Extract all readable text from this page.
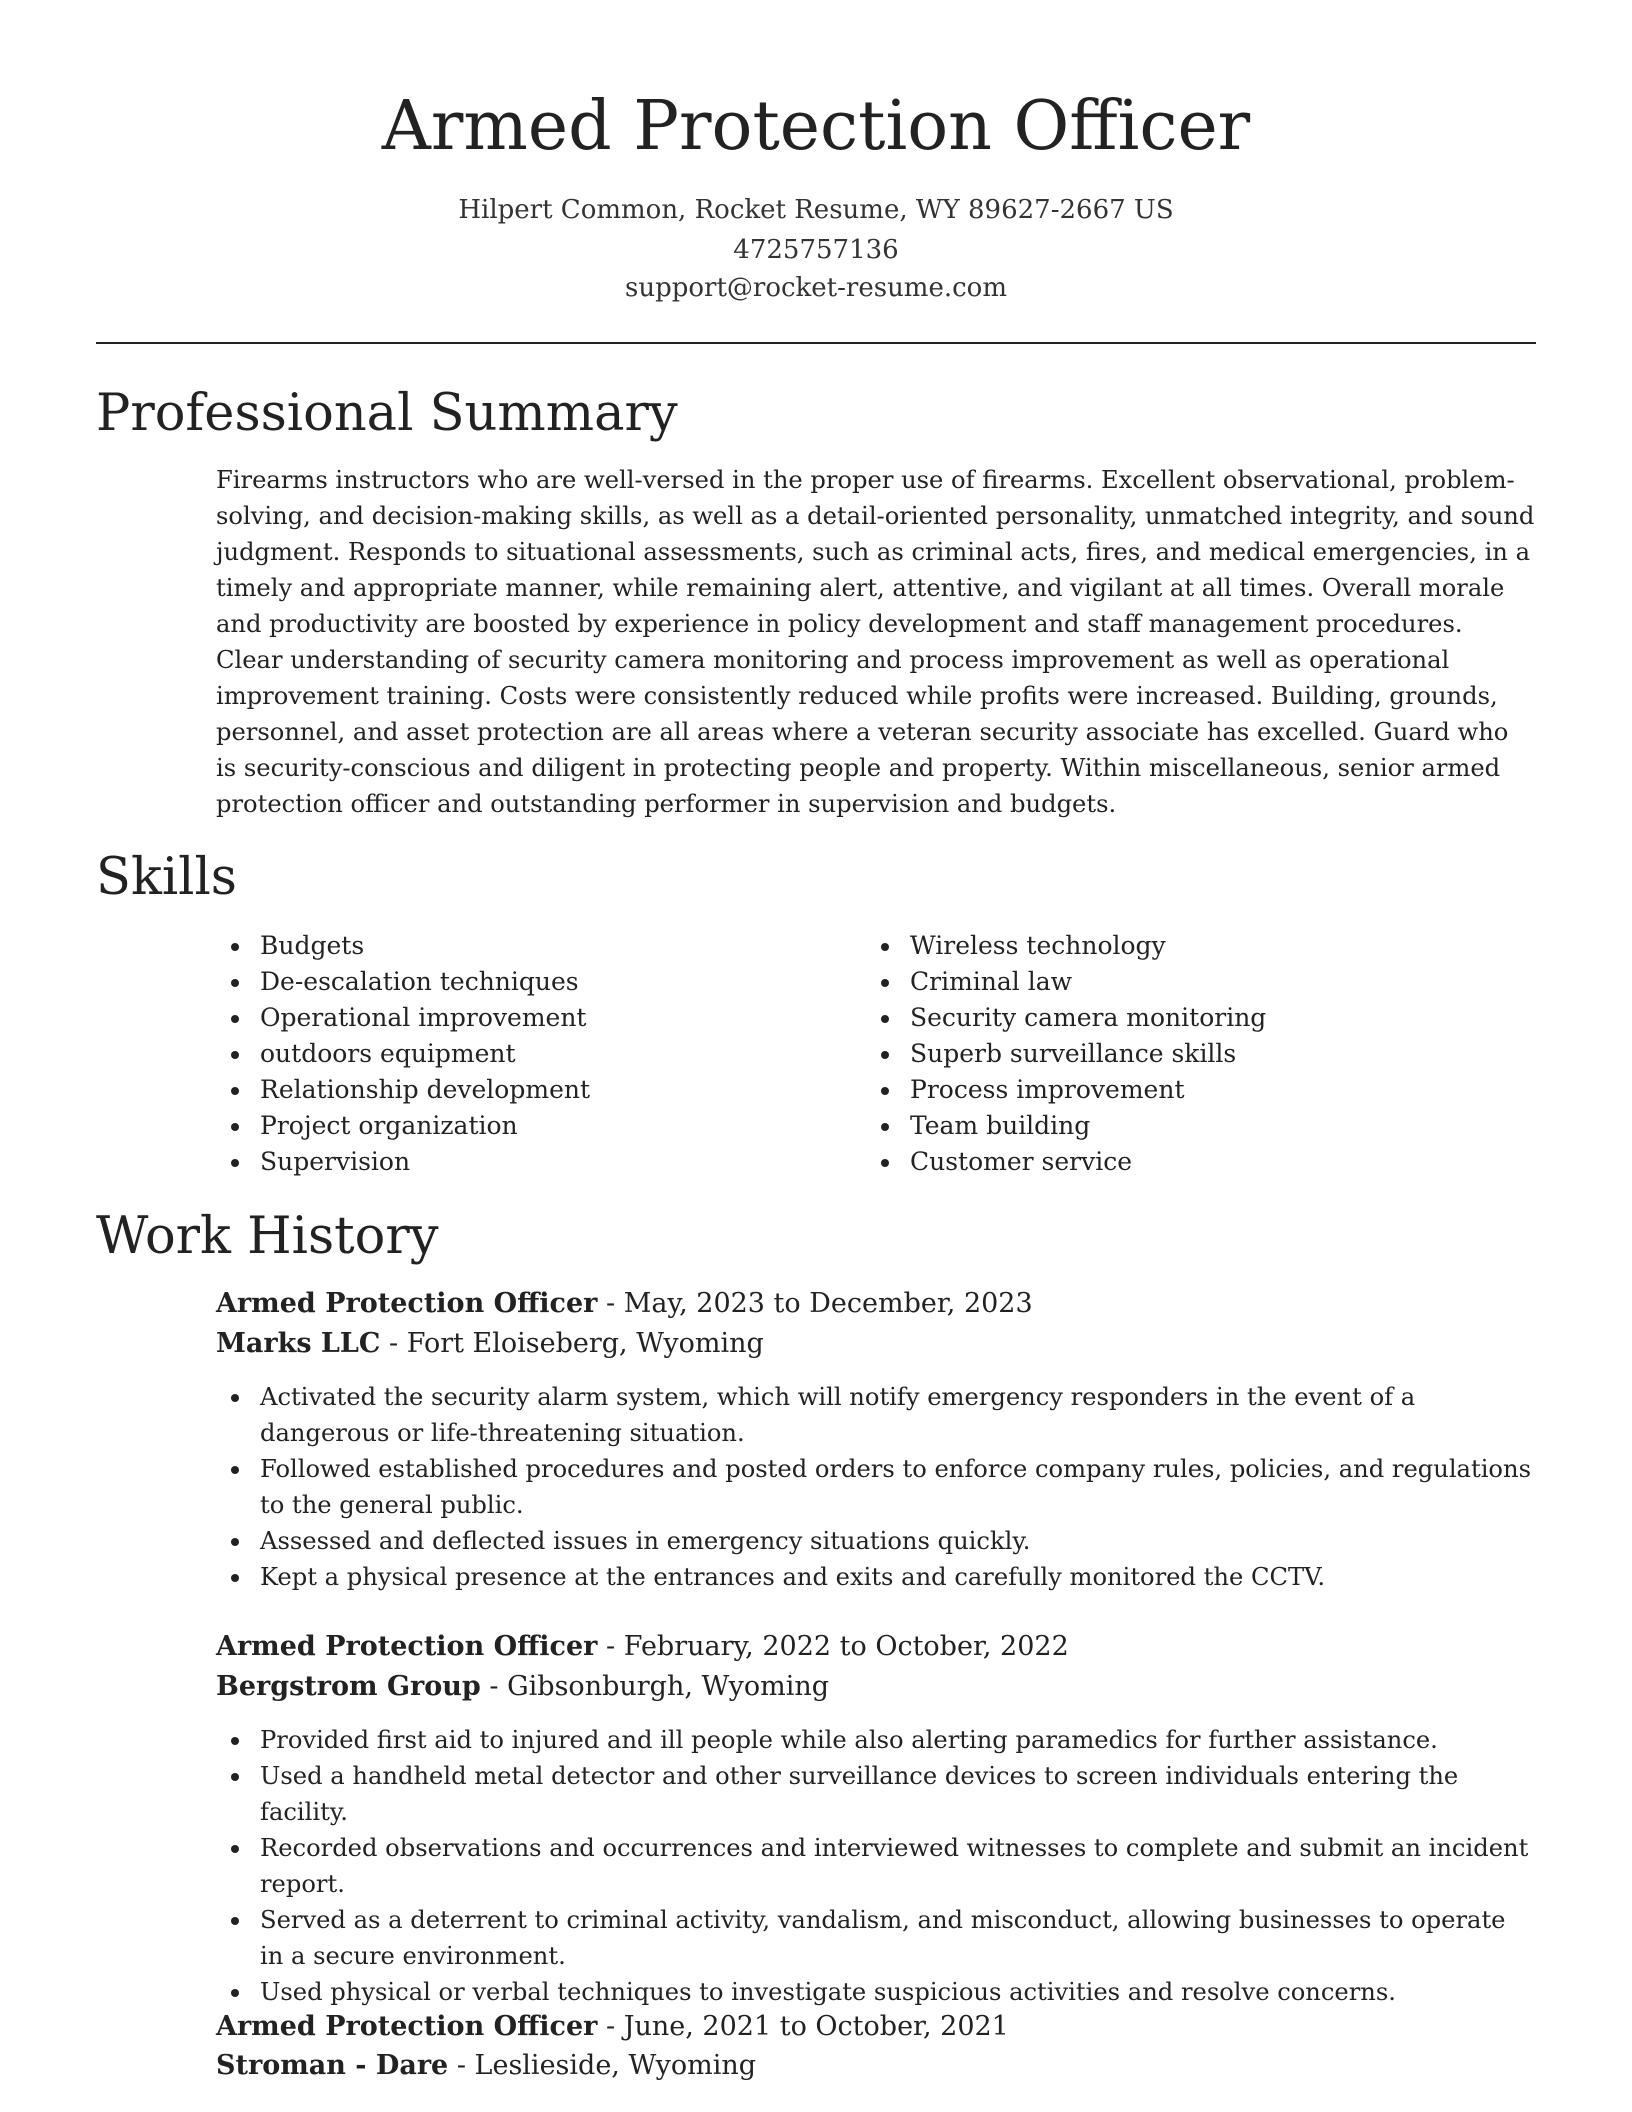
Armed Protection Officer
Hilpert Common, Rocket Resume, WY 89627-2667 US
4725757136
support@rocket-resume.com
Professional Summary

Firearms instructors who are well-versed in the proper use of firearms. Excellent observational, problem-solving, and decision-making skills, as well as a detail-oriented personality, unmatched integrity, and sound judgment. Responds to situational assessments, such as criminal acts, fires, and medical emergencies, in a timely and appropriate manner, while remaining alert, attentive, and vigilant at all times. Overall morale and productivity are boosted by experience in policy development and staff management procedures. Clear understanding of security camera monitoring and process improvement as well as operational improvement training. Costs were consistently reduced while profits were increased. Building, grounds, personnel, and asset protection are all areas where a veteran security associate has excelled. Guard who is security-conscious and diligent in protecting people and property. Within miscellaneous, senior armed protection officer and outstanding performer in supervision and budgets.

Skills
Budgets
De-escalation techniques
Operational improvement
outdoors equipment
Relationship development
Project organization
Supervision
Wireless technology
Criminal law
Security camera monitoring
Superb surveillance skills
Process improvement
Team building
Customer service
Work History
Armed Protection Officer - May, 2023 to December, 2023
Marks LLC - Fort Eloiseberg, Wyoming
Activated the security alarm system, which will notify emergency responders in the event of a dangerous or life-threatening situation.
Followed established procedures and posted orders to enforce company rules, policies, and regulations to the general public.
Assessed and deflected issues in emergency situations quickly.
Kept a physical presence at the entrances and exits and carefully monitored the CCTV.
Armed Protection Officer - February, 2022 to October, 2022
Bergstrom Group - Gibsonburgh, Wyoming
Provided first aid to injured and ill people while also alerting paramedics for further assistance.
Used a handheld metal detector and other surveillance devices to screen individuals entering the facility.
Recorded observations and occurrences and interviewed witnesses to complete and submit an incident report.
Served as a deterrent to criminal activity, vandalism, and misconduct, allowing businesses to operate in a secure environment.
Used physical or verbal techniques to investigate suspicious activities and resolve concerns.
Armed Protection Officer - June, 2021 to October, 2021
Stroman - Dare - Leslieside, Wyoming
